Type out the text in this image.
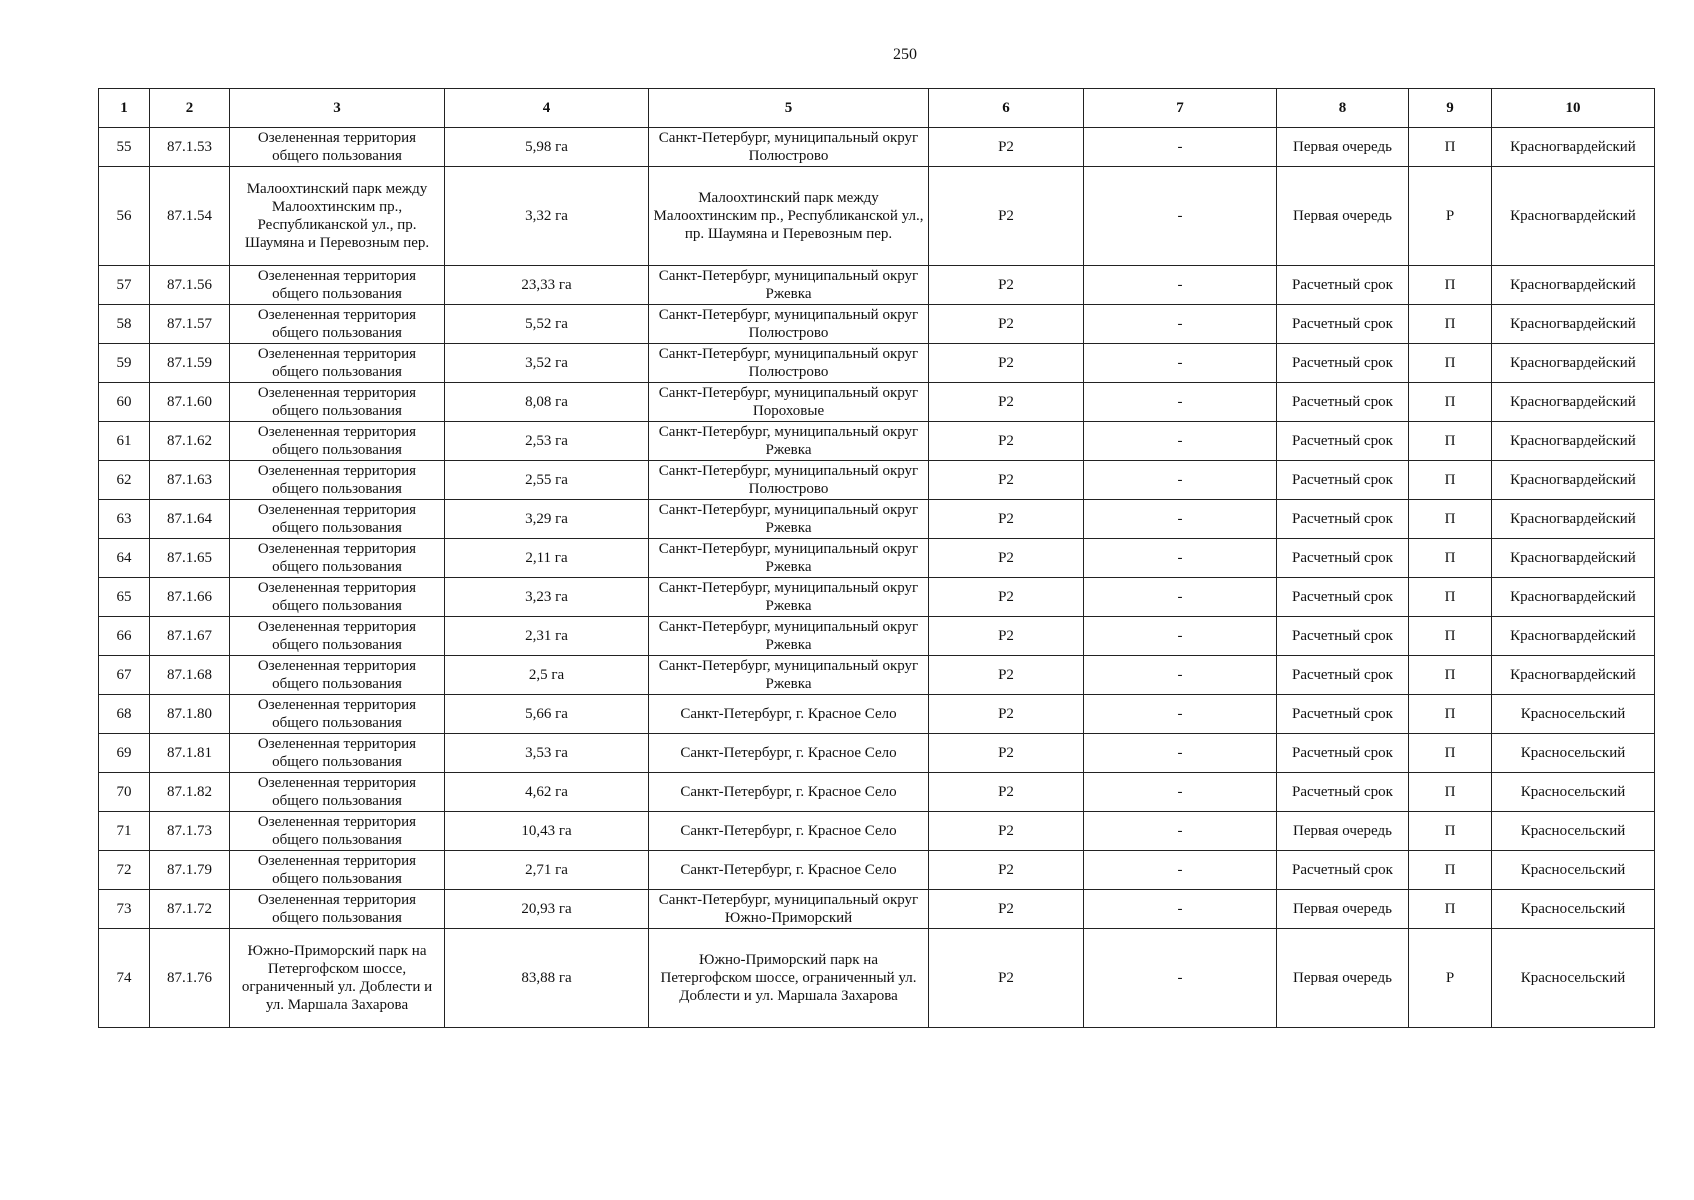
250
1	2	3	4	5	6	7	8	9	10
55	87.1.53	Озелененная территория общего пользования	5,98 га	Санкт-Петербург, муниципальный округ Полюстрово	Р2	-	Первая очередь	П	Красногвардейский
56	87.1.54	Малоохтинский парк между Малоохтинским пр., Республиканской ул., пр. Шаумяна и Перевозным пер.	3,32 га	Малоохтинский парк между Малоохтинским пр., Республиканской ул., пр. Шаумяна и Перевозным пер.	Р2	-	Первая очередь	Р	Красногвардейский
57	87.1.56	Озелененная территория общего пользования	23,33 га	Санкт-Петербург, муниципальный округ Ржевка	Р2	-	Расчетный срок	П	Красногвардейский
58	87.1.57	Озелененная территория общего пользования	5,52 га	Санкт-Петербург, муниципальный округ Полюстрово	Р2	-	Расчетный срок	П	Красногвардейский
59	87.1.59	Озелененная территория общего пользования	3,52 га	Санкт-Петербург, муниципальный округ Полюстрово	Р2	-	Расчетный срок	П	Красногвардейский
60	87.1.60	Озелененная территория общего пользования	8,08 га	Санкт-Петербург, муниципальный округ Пороховые	Р2	-	Расчетный срок	П	Красногвардейский
61	87.1.62	Озелененная территория общего пользования	2,53 га	Санкт-Петербург, муниципальный округ Ржевка	Р2	-	Расчетный срок	П	Красногвардейский
62	87.1.63	Озелененная территория общего пользования	2,55 га	Санкт-Петербург, муниципальный округ Полюстрово	Р2	-	Расчетный срок	П	Красногвардейский
63	87.1.64	Озелененная территория общего пользования	3,29 га	Санкт-Петербург, муниципальный округ Ржевка	Р2	-	Расчетный срок	П	Красногвардейский
64	87.1.65	Озелененная территория общего пользования	2,11 га	Санкт-Петербург, муниципальный округ Ржевка	Р2	-	Расчетный срок	П	Красногвардейский
65	87.1.66	Озелененная территория общего пользования	3,23 га	Санкт-Петербург, муниципальный округ Ржевка	Р2	-	Расчетный срок	П	Красногвардейский
66	87.1.67	Озелененная территория общего пользования	2,31 га	Санкт-Петербург, муниципальный округ Ржевка	Р2	-	Расчетный срок	П	Красногвардейский
67	87.1.68	Озелененная территория общего пользования	2,5 га	Санкт-Петербург, муниципальный округ Ржевка	Р2	-	Расчетный срок	П	Красногвардейский
68	87.1.80	Озелененная территория общего пользования	5,66 га	Санкт-Петербург, г. Красное Село	Р2	-	Расчетный срок	П	Красносельский
69	87.1.81	Озелененная территория общего пользования	3,53 га	Санкт-Петербург, г. Красное Село	Р2	-	Расчетный срок	П	Красносельский
70	87.1.82	Озелененная территория общего пользования	4,62 га	Санкт-Петербург, г. Красное Село	Р2	-	Расчетный срок	П	Красносельский
71	87.1.73	Озелененная территория общего пользования	10,43 га	Санкт-Петербург, г. Красное Село	Р2	-	Первая очередь	П	Красносельский
72	87.1.79	Озелененная территория общего пользования	2,71 га	Санкт-Петербург, г. Красное Село	Р2	-	Расчетный срок	П	Красносельский
73	87.1.72	Озелененная территория общего пользования	20,93 га	Санкт-Петербург, муниципальный округ Южно-Приморский	Р2	-	Первая очередь	П	Красносельский
74	87.1.76	Южно-Приморский парк на Петергофском шоссе, ограниченный ул. Доблести и ул. Маршала Захарова	83,88 га	Южно-Приморский парк на Петергофском шоссе, ограниченный ул. Доблести и ул. Маршала Захарова	Р2	-	Первая очередь	Р	Красносельский
